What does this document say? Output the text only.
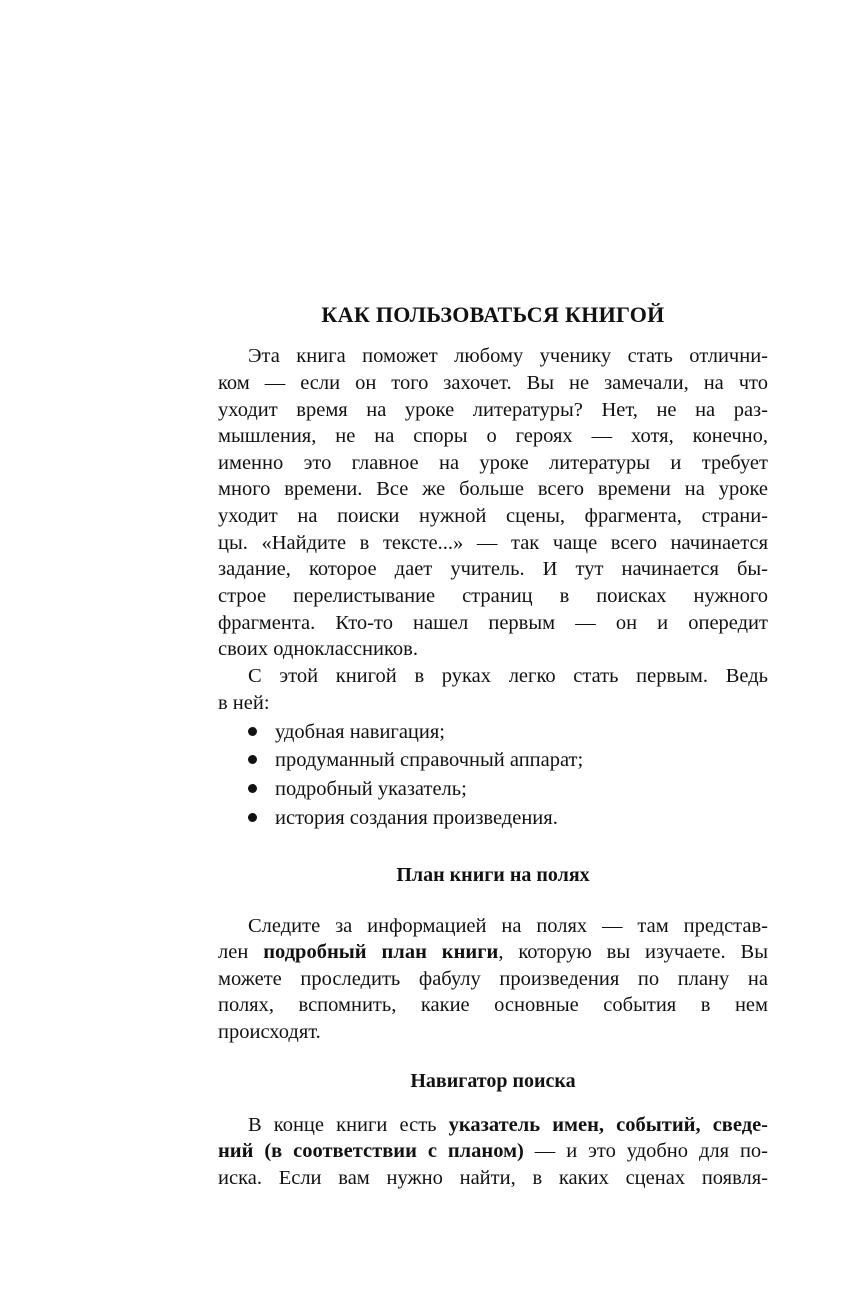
КАК ПОЛЬЗОВАТЬСЯ КНИГОЙ
Эта книга поможет любому ученику стать отлични-
ком — если он того захочет. Вы не замечали, на что
уходит время на уроке литературы? Нет, не на раз-
мышления, не на споры о героях — хотя, конечно,
именно это главное на уроке литературы и требует
много времени. Все же больше всего времени на уроке
уходит на поиски нужной сцены, фрагмента, страни-
цы. «Найдите в тексте...» — так чаще всего начинается
задание, которое дает учитель. И тут начинается бы-
строе перелистывание страниц в поисках нужного
фрагмента. Кто-то нашел первым — он и опередит
своих одноклассников.
С этой книгой в руках легко стать первым. Ведь
в ней:
удобная навигация;
продуманный справочный аппарат;
подробный указатель;
история создания произведения.
План книги на полях
Следите за информацией на полях — там представ-
лен подробный план книги, которую вы изучаете. Вы
можете проследить фабулу произведения по плану на
полях, вспомнить, какие основные события в нем
происходят.
Навигатор поиска
В конце книги есть указатель имен, событий, сведе-
ний (в соответствии с планом) — и это удобно для по-
иска. Если вам нужно найти, в каких сценах появля-
